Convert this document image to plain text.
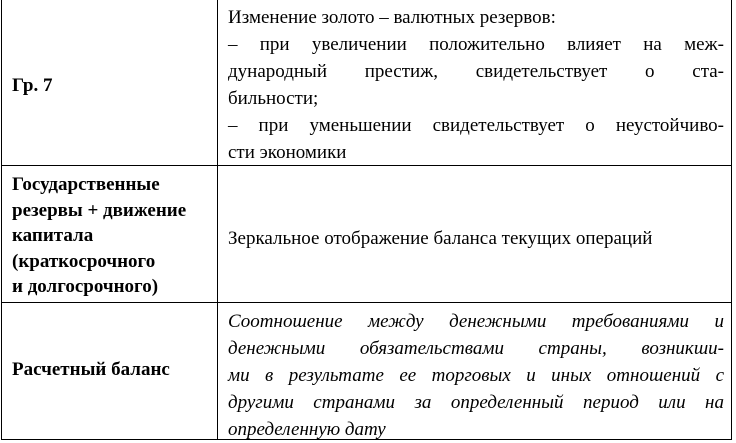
Гр. 7
Изменение золото – валютных резервов:
– при увеличении положительно влияет на меж-
дународный престиж, свидетельствует о ста-
бильности;
– при уменьшении свидетельствует о неустойчиво-
сти экономики
Государственные
резервы + движение
капитала
(краткосрочного
и долгосрочного)
Зеркальное отображение баланса текущих операций
Расчетный баланс
Соотношение между денежными требованиями и
денежными обязательствами страны, возникши-
ми в результате ее торговых и иных отношений с
другими странами за определенный период или на
определенную дату
